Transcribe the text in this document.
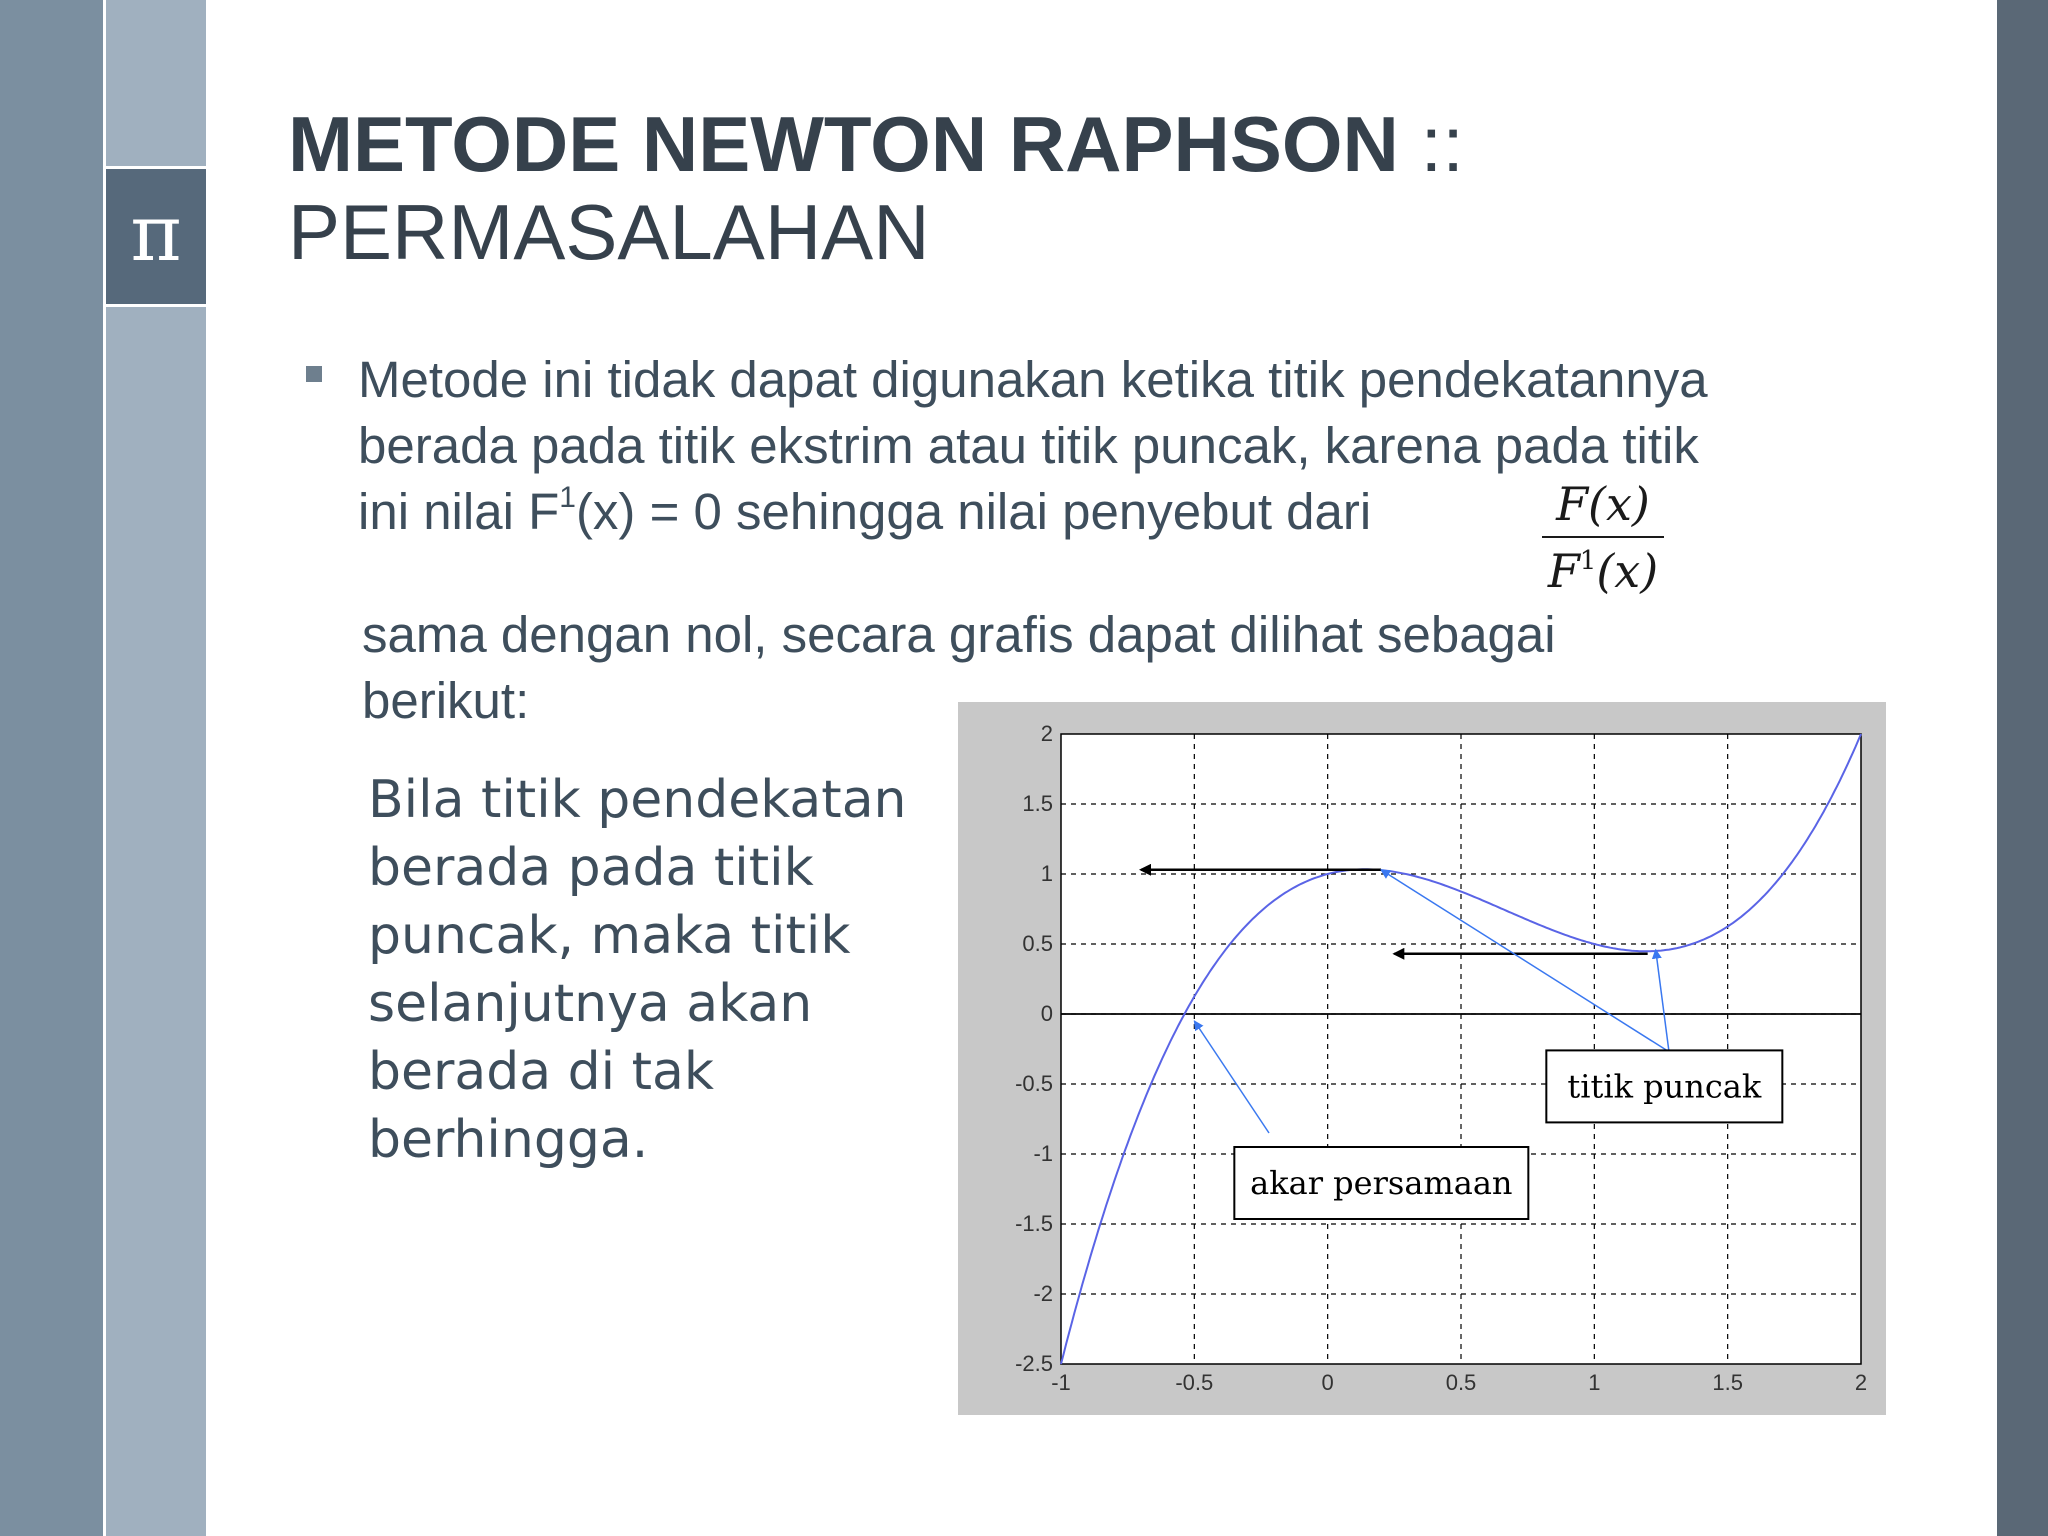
π
METODE NEWTON RAPHSON ::
PERMASALAHAN
Metode ini tidak dapat digunakan ketika titik pendekatannya
berada pada titik ekstrim atau titik puncak, karena pada titik
ini nilai $F^1(x) = 0$ sehingga nilai penyebut dari	F(x)
$F^1(x)$
sama dengan nol, secara grafis dapat dilihat sebagai
berikut:
Bila titik pendekatan
berada pada titik
puncak, maka titik
selanjutnya akan
berada di tak
berhingga.
-1	-0.5	0	0.5	1	1.5	2
2
1.5
1
0.5
0
-0.5
-1
-1.5
-2
-2.5
titik puncak
akar persamaan
